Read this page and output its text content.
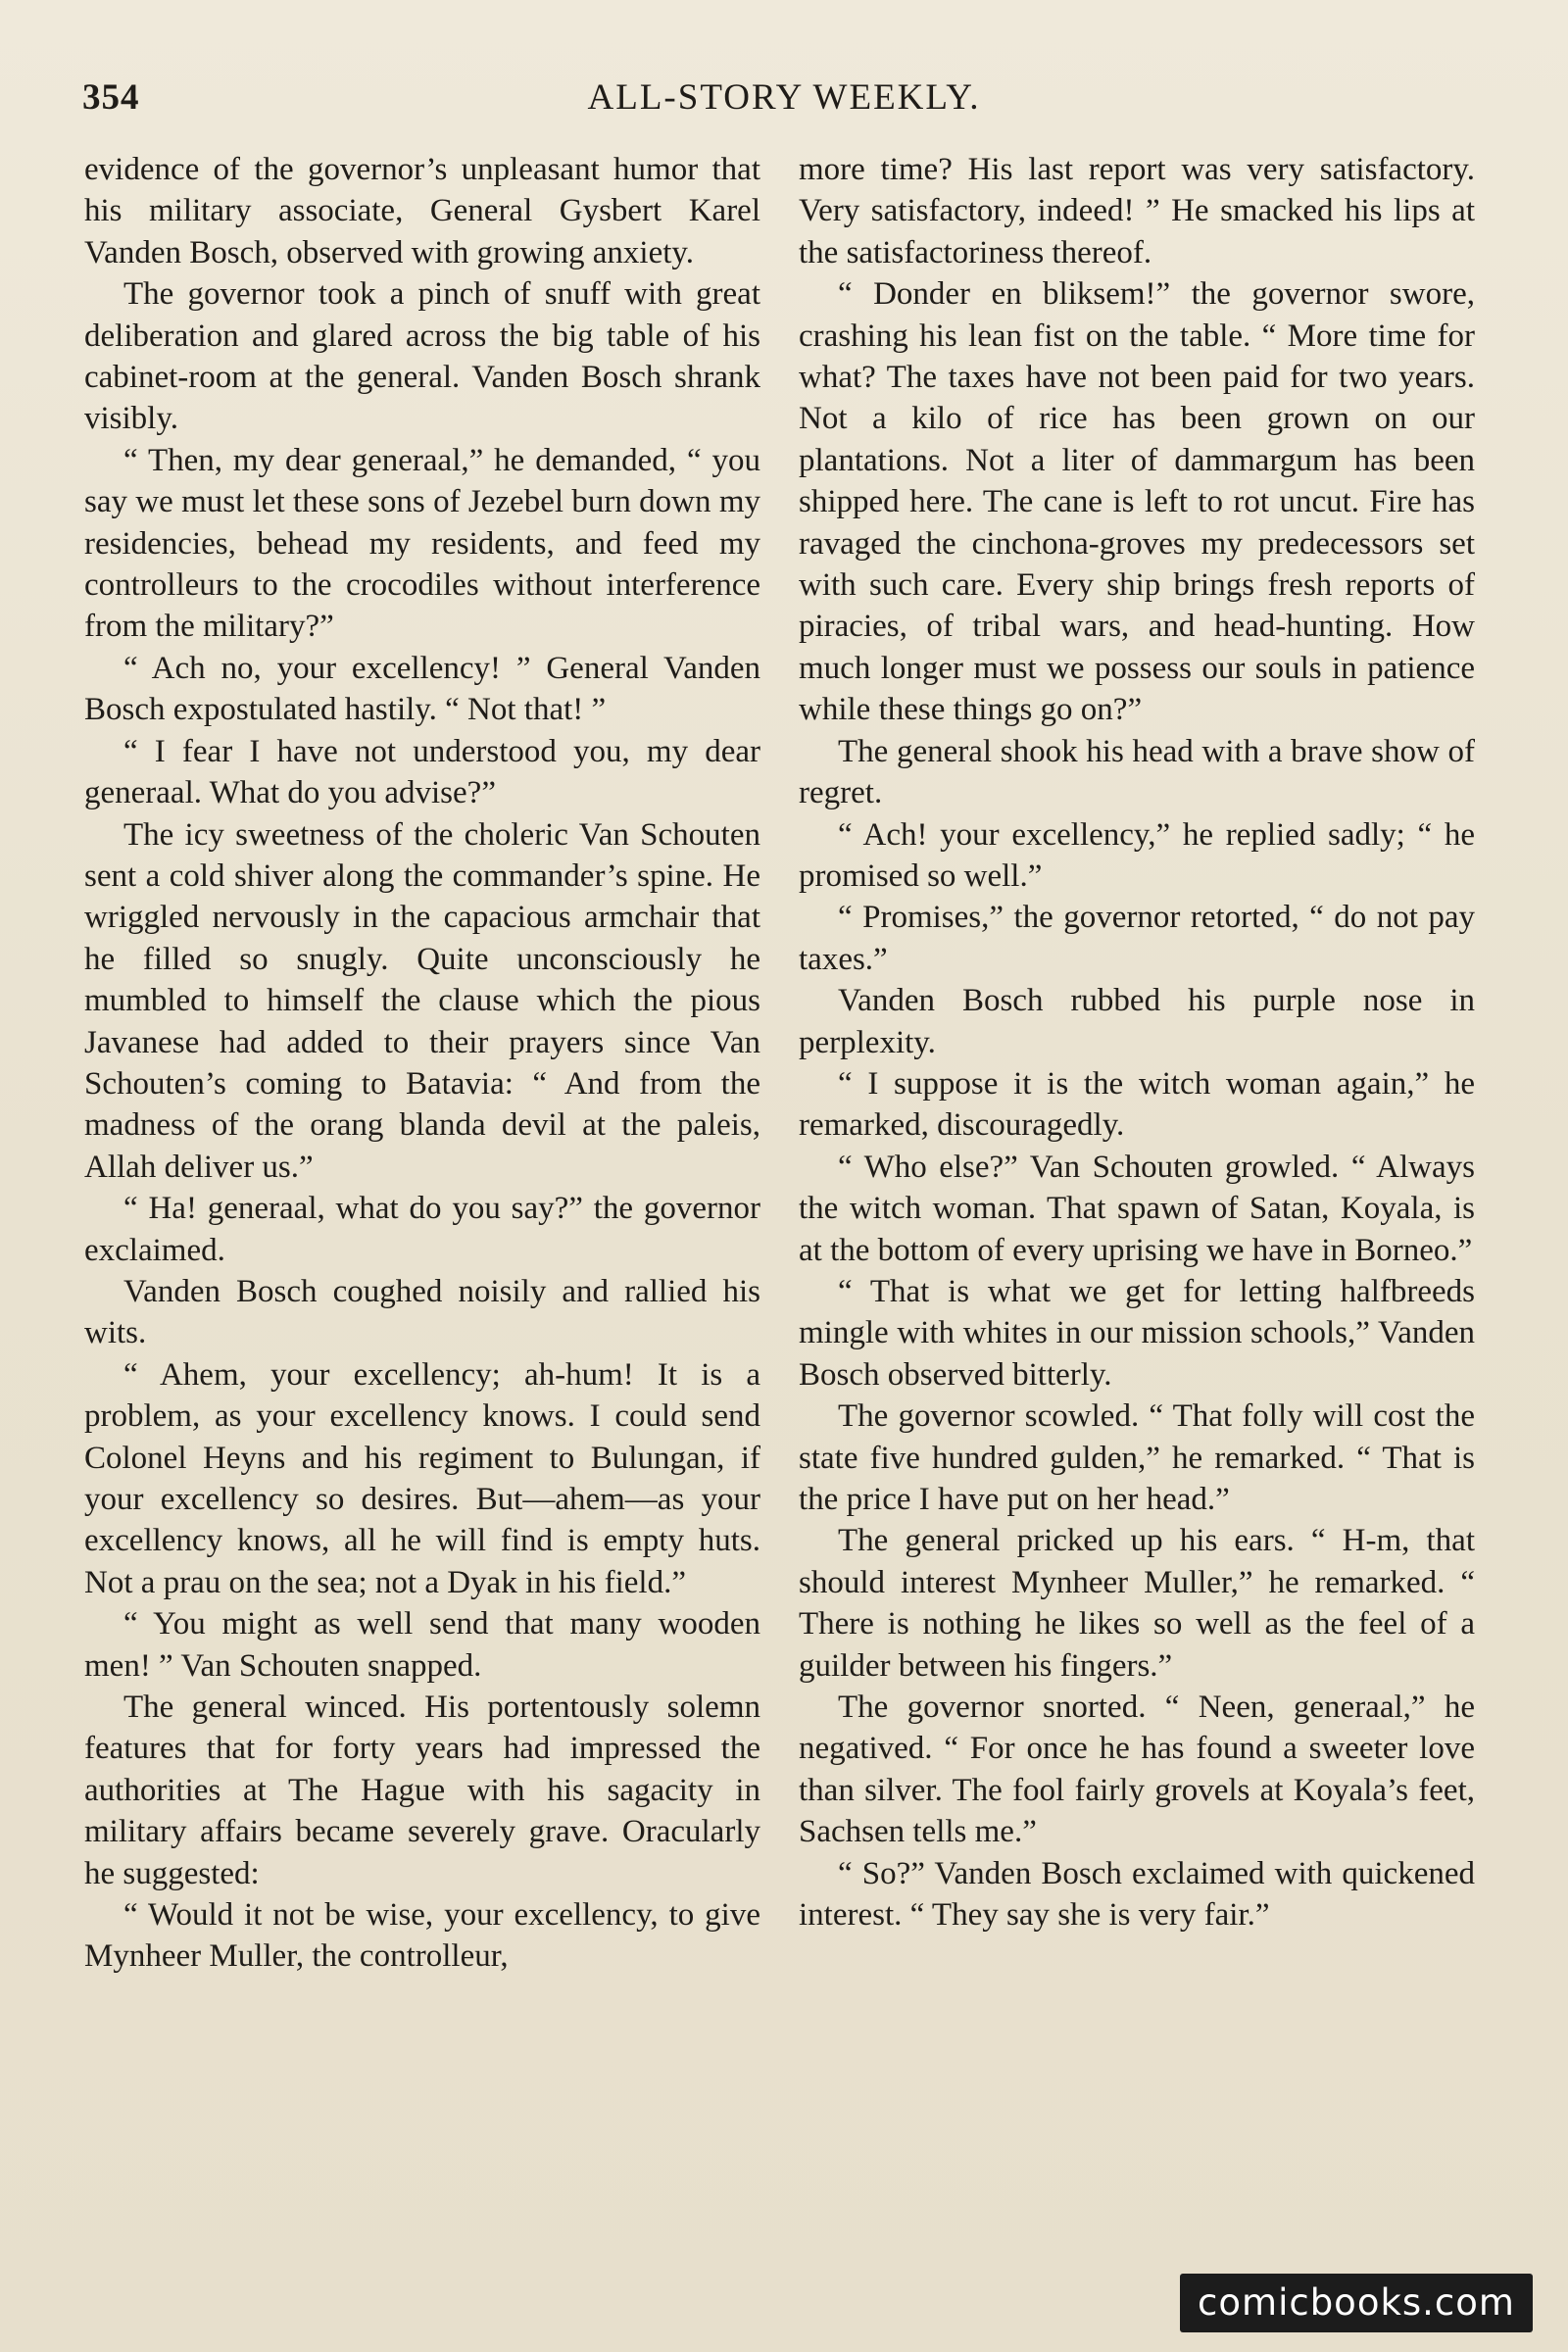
354	ALL-STORY WEEKLY.

evidence of the governor’s unpleasant humor that his military associate, General Gysbert Karel Vanden Bosch, observed with growing anxiety.

The governor took a pinch of snuff with great deliberation and glared across the big table of his cabinet-room at the general. Vanden Bosch shrank visibly.

“ Then, my dear generaal,” he demanded, “ you say we must let these sons of Jezebel burn down my residencies, behead my residents, and feed my controlleurs to the crocodiles without interference from the military?”

“ Ach no, your excellency! ” General Vanden Bosch expostulated hastily. “ Not that! ”

“ I fear I have not understood you, my dear generaal. What do you advise?”

The icy sweetness of the choleric Van Schouten sent a cold shiver along the commander’s spine. He wriggled nervously in the capacious armchair that he filled so snugly. Quite unconsciously he mumbled to himself the clause which the pious Javanese had added to their prayers since Van Schouten’s coming to Batavia: “ And from the madness of the orang blanda devil at the paleis, Allah deliver us.”

“ Ha! generaal, what do you say?” the governor exclaimed.

Vanden Bosch coughed noisily and rallied his wits.

“ Ahem, your excellency; ah-hum! It is a problem, as your excellency knows. I could send Colonel Heyns and his regiment to Bulungan, if your excellency so desires. But—ahem—as your excellency knows, all he will find is empty huts. Not a prau on the sea; not a Dyak in his field.”

“ You might as well send that many wooden men! ” Van Schouten snapped.

The general winced. His portentously solemn features that for forty years had impressed the authorities at The Hague with his sagacity in military affairs became severely grave. Oracularly he suggested:

“ Would it not be wise, your excellency, to give Mynheer Muller, the controlleur,

more time? His last report was very satisfactory. Very satisfactory, indeed! ” He smacked his lips at the satisfactoriness thereof.

“ Donder en bliksem!” the governor swore, crashing his lean fist on the table. “ More time for what? The taxes have not been paid for two years. Not a kilo of rice has been grown on our plantations. Not a liter of dammargum has been shipped here. The cane is left to rot uncut. Fire has ravaged the cinchona-groves my predecessors set with such care. Every ship brings fresh reports of piracies, of tribal wars, and head-hunting. How much longer must we possess our souls in patience while these things go on?”

The general shook his head with a brave show of regret.

“ Ach! your excellency,” he replied sadly; “ he promised so well.”

“ Promises,” the governor retorted, “ do not pay taxes.”

Vanden Bosch rubbed his purple nose in perplexity.

“ I suppose it is the witch woman again,” he remarked, discouragedly.

“ Who else?” Van Schouten growled. “ Always the witch woman. That spawn of Satan, Koyala, is at the bottom of every uprising we have in Borneo.”

“ That is what we get for letting halfbreeds mingle with whites in our mission schools,” Vanden Bosch observed bitterly.

The governor scowled. “ That folly will cost the state five hundred gulden,” he remarked. “ That is the price I have put on her head.”

The general pricked up his ears. “ H-m, that should interest Mynheer Muller,” he remarked. “ There is nothing he likes so well as the feel of a guilder between his fingers.”

The governor snorted. “ Neen, generaal,” he negatived. “ For once he has found a sweeter love than silver. The fool fairly grovels at Koyala’s feet, Sachsen tells me.”

“ So?” Vanden Bosch exclaimed with quickened interest. “ They say she is very fair.”

comicbooks.com
